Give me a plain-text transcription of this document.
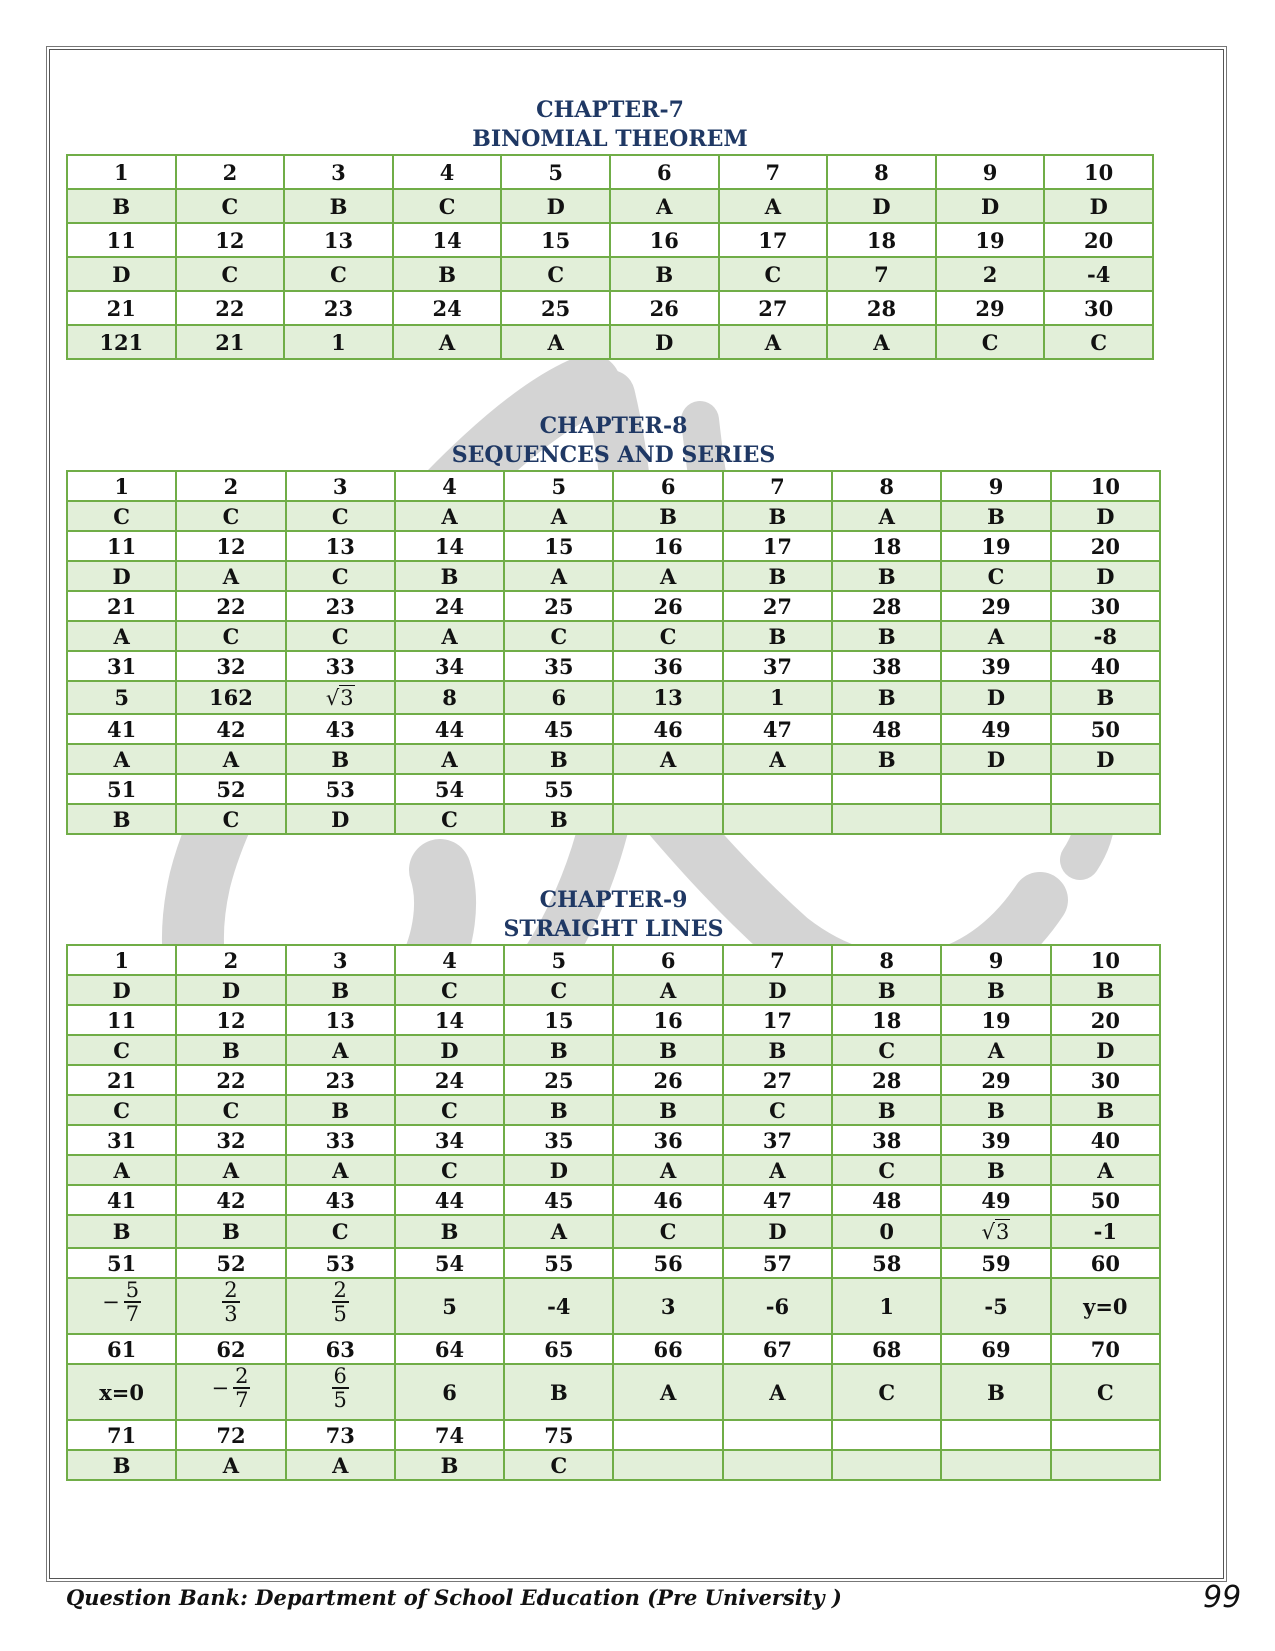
CHAPTER-7
BINOMIAL THEOREM
1	2	3	4	5	6	7	8	9	10
B	C	B	C	D	A	A	D	D	D
11	12	13	14	15	16	17	18	19	20
D	C	C	B	C	B	C	7	2	-4
21	22	23	24	25	26	27	28	29	30
121	21	1	A	A	D	A	A	C	C
CHAPTER-8
SEQUENCES AND SERIES
1	2	3	4	5	6	7	8	9	10
C	C	C	A	A	B	B	A	B	D
11	12	13	14	15	16	17	18	19	20
D	A	C	B	A	A	B	B	C	D
21	22	23	24	25	26	27	28	29	30
A	C	C	A	C	C	B	B	A	-8
31	32	33	34	35	36	37	38	39	40
5	162	√3	8	6	13	1	B	D	B
41	42	43	44	45	46	47	48	49	50
A	A	B	A	B	A	A	B	D	D
51	52	53	54	55					
B	C	D	C	B					
CHAPTER-9
STRAIGHT LINES
1	2	3	4	5	6	7	8	9	10
D	D	B	C	C	A	D	B	B	B
11	12	13	14	15	16	17	18	19	20
C	B	A	D	B	B	B	C	A	D
21	22	23	24	25	26	27	28	29	30
C	C	B	C	B	B	C	B	B	B
31	32	33	34	35	36	37	38	39	40
A	A	A	C	D	A	A	C	B	A
41	42	43	44	45	46	47	48	49	50
B	B	C	B	A	C	D	0	√3	-1
51	52	53	54	55	56	57	58	59	60
− $\frac{5}{7}$	$\frac{2}{3}$	$\frac{2}{5}$	5	-4	3	-6	1	-5	y=0
61	62	63	64	65	66	67	68	69	70
x=0	− $\frac{2}{7}$	$\frac{6}{5}$	6	B	A	A	C	B	C
71	72	73	74	75					
B	A	A	B	C					
Question Bank: Department of School Education (Pre University )	99
